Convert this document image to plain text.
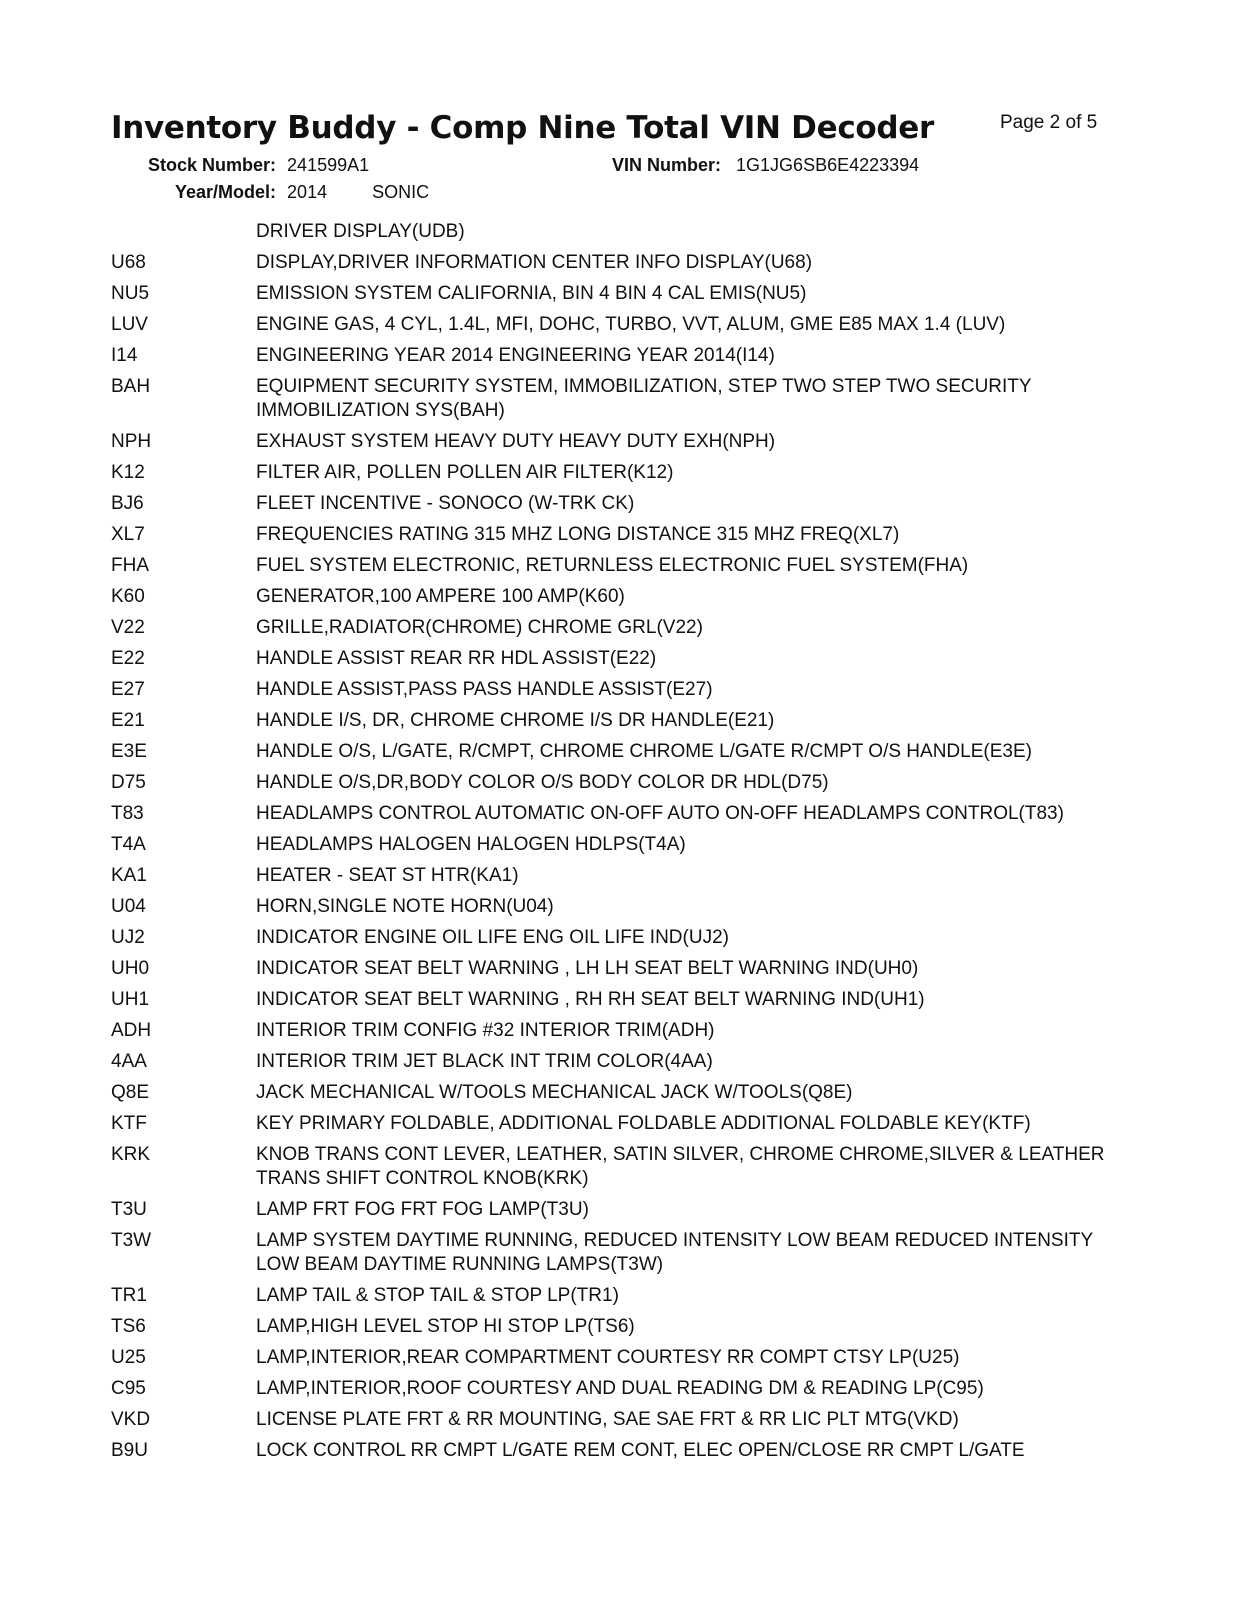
Inventory Buddy - Comp Nine Total VIN Decoder	Page 2 of 5
Stock Number: 241599A1	VIN Number: 1G1JG6SB6E4223394
Year/Model: 2014	SONIC
DRIVER DISPLAY(UDB)
U68	DISPLAY,DRIVER INFORMATION CENTER INFO DISPLAY(U68)
NU5	EMISSION SYSTEM CALIFORNIA, BIN 4 BIN 4 CAL EMIS(NU5)
LUV	ENGINE GAS, 4 CYL, 1.4L, MFI, DOHC, TURBO, VVT, ALUM, GME E85 MAX 1.4 (LUV)
I14	ENGINEERING YEAR 2014 ENGINEERING YEAR 2014(I14)
BAH	EQUIPMENT SECURITY SYSTEM, IMMOBILIZATION, STEP TWO STEP TWO SECURITY IMMOBILIZATION SYS(BAH)
NPH	EXHAUST SYSTEM HEAVY DUTY HEAVY DUTY EXH(NPH)
K12	FILTER AIR, POLLEN POLLEN AIR FILTER(K12)
BJ6	FLEET INCENTIVE - SONOCO (W-TRK CK)
XL7	FREQUENCIES RATING 315 MHZ LONG DISTANCE 315 MHZ FREQ(XL7)
FHA	FUEL SYSTEM ELECTRONIC, RETURNLESS ELECTRONIC FUEL SYSTEM(FHA)
K60	GENERATOR,100 AMPERE 100 AMP(K60)
V22	GRILLE,RADIATOR(CHROME) CHROME GRL(V22)
E22	HANDLE ASSIST REAR RR HDL ASSIST(E22)
E27	HANDLE ASSIST,PASS PASS HANDLE ASSIST(E27)
E21	HANDLE I/S, DR, CHROME CHROME I/S DR HANDLE(E21)
E3E	HANDLE O/S, L/GATE, R/CMPT, CHROME CHROME L/GATE R/CMPT O/S HANDLE(E3E)
D75	HANDLE O/S,DR,BODY COLOR O/S BODY COLOR DR HDL(D75)
T83	HEADLAMPS CONTROL AUTOMATIC ON-OFF AUTO ON-OFF HEADLAMPS CONTROL(T83)
T4A	HEADLAMPS HALOGEN HALOGEN HDLPS(T4A)
KA1	HEATER - SEAT ST HTR(KA1)
U04	HORN,SINGLE NOTE HORN(U04)
UJ2	INDICATOR ENGINE OIL LIFE ENG OIL LIFE IND(UJ2)
UH0	INDICATOR SEAT BELT WARNING , LH LH SEAT BELT WARNING IND(UH0)
UH1	INDICATOR SEAT BELT WARNING , RH RH SEAT BELT WARNING IND(UH1)
ADH	INTERIOR TRIM CONFIG #32 INTERIOR TRIM(ADH)
4AA	INTERIOR TRIM JET BLACK INT TRIM COLOR(4AA)
Q8E	JACK MECHANICAL W/TOOLS MECHANICAL JACK W/TOOLS(Q8E)
KTF	KEY PRIMARY FOLDABLE, ADDITIONAL FOLDABLE ADDITIONAL FOLDABLE KEY(KTF)
KRK	KNOB TRANS CONT LEVER, LEATHER, SATIN SILVER, CHROME CHROME,SILVER & LEATHER TRANS SHIFT CONTROL KNOB(KRK)
T3U	LAMP FRT FOG FRT FOG LAMP(T3U)
T3W	LAMP SYSTEM DAYTIME RUNNING, REDUCED INTENSITY LOW BEAM REDUCED INTENSITY LOW BEAM DAYTIME RUNNING LAMPS(T3W)
TR1	LAMP TAIL & STOP TAIL & STOP LP(TR1)
TS6	LAMP,HIGH LEVEL STOP HI STOP LP(TS6)
U25	LAMP,INTERIOR,REAR COMPARTMENT COURTESY RR COMPT CTSY LP(U25)
C95	LAMP,INTERIOR,ROOF COURTESY AND DUAL READING DM & READING LP(C95)
VKD	LICENSE PLATE FRT & RR MOUNTING, SAE SAE FRT & RR LIC PLT MTG(VKD)
B9U	LOCK CONTROL RR CMPT L/GATE REM CONT, ELEC OPEN/CLOSE RR CMPT L/GATE
